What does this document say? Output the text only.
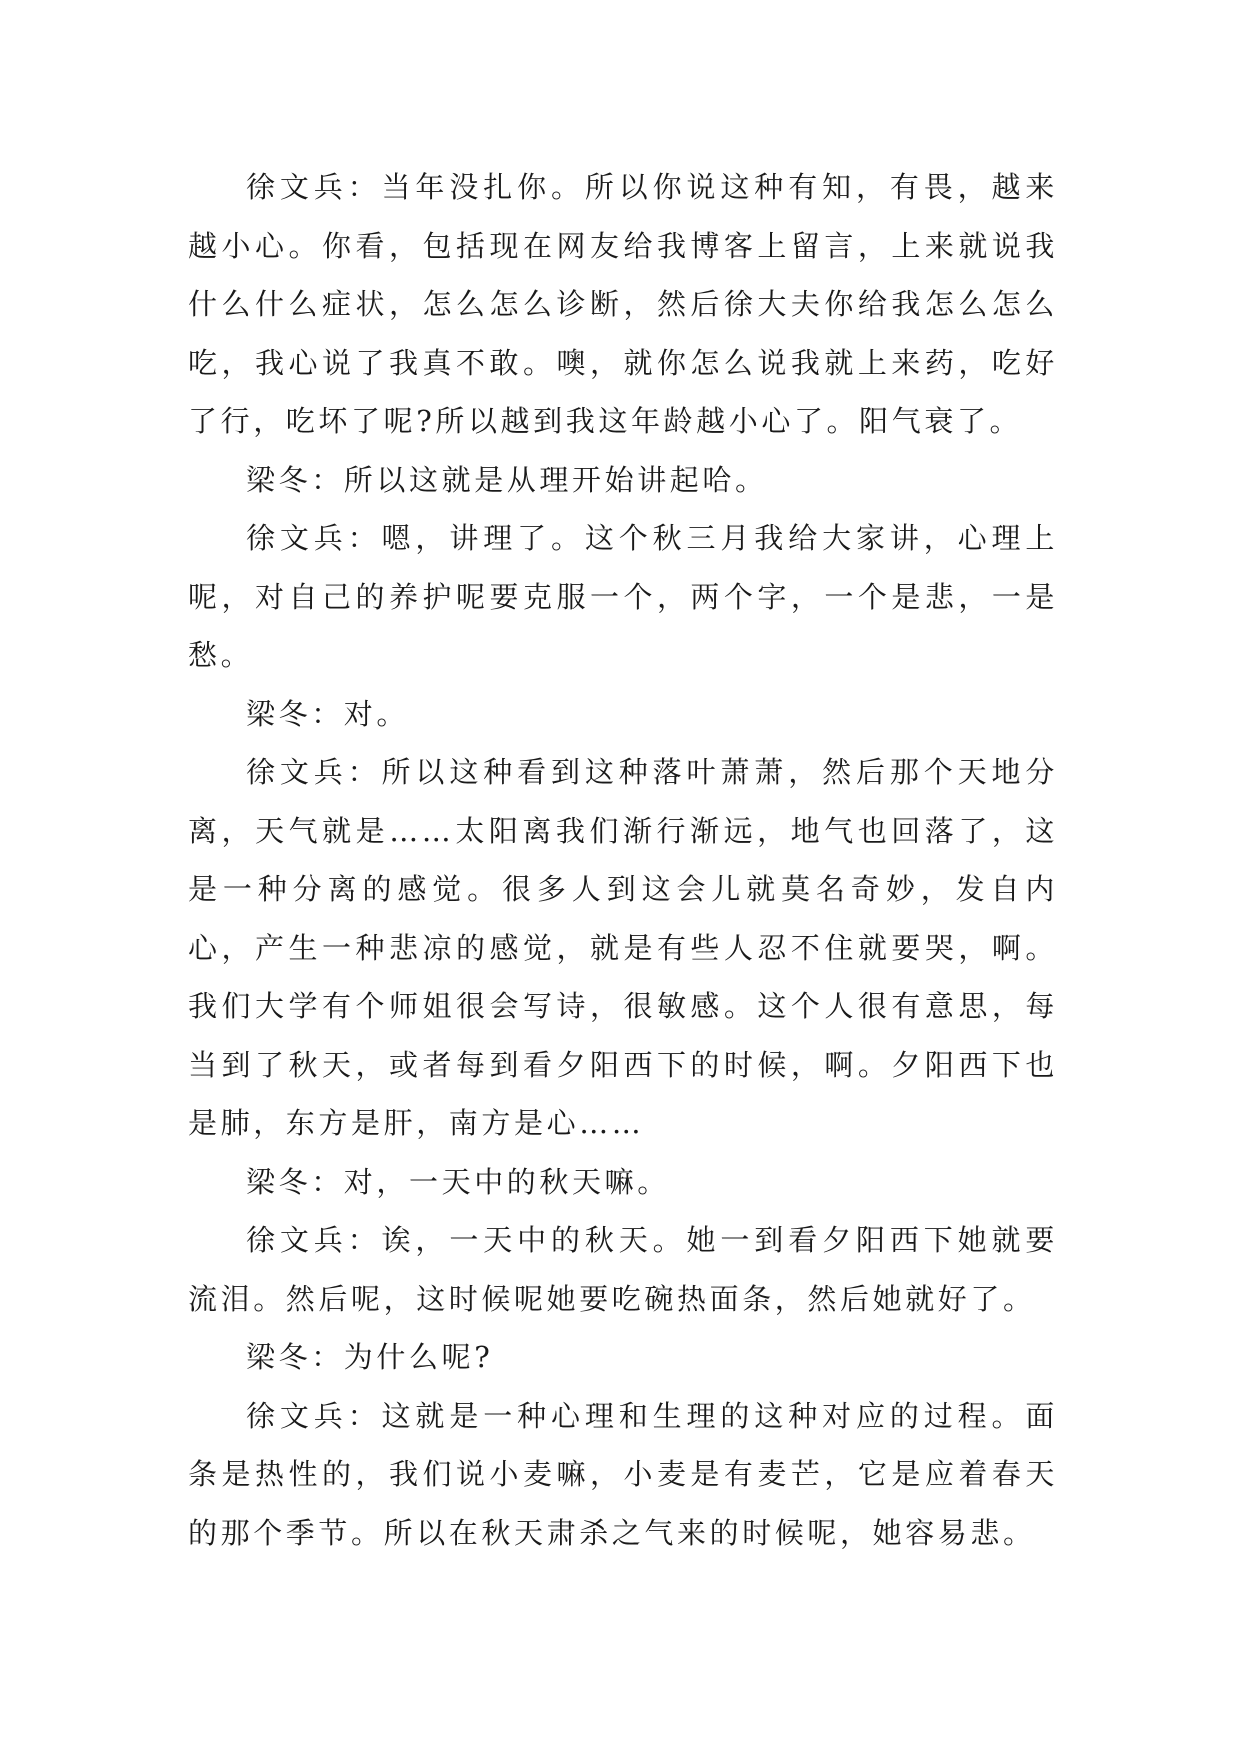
徐文兵：当年没扎你。所以你说这种有知，有畏，越来越小心。你看，包括现在网友给我博客上留言，上来就说我什么什么症状，怎么怎么诊断，然后徐大夫你给我怎么怎么吃，我心说了我真不敢。噢，就你怎么说我就上来药，吃好了行，吃坏了呢?所以越到我这年龄越小心了。阳气衰了。

梁冬：所以这就是从理开始讲起哈。

徐文兵：嗯，讲理了。这个秋三月我给大家讲，心理上呢，对自己的养护呢要克服一个，两个字，一个是悲，一是愁。

梁冬：对。

徐文兵：所以这种看到这种落叶萧萧，然后那个天地分离，天气就是……太阳离我们渐行渐远，地气也回落了，这是一种分离的感觉。很多人到这会儿就莫名奇妙，发自内心，产生一种悲凉的感觉，就是有些人忍不住就要哭，啊。我们大学有个师姐很会写诗，很敏感。这个人很有意思，每当到了秋天，或者每到看夕阳西下的时候，啊。夕阳西下也是肺，东方是肝，南方是心……

梁冬：对，一天中的秋天嘛。

徐文兵：诶，一天中的秋天。她一到看夕阳西下她就要流泪。然后呢，这时候呢她要吃碗热面条，然后她就好了。

梁冬：为什么呢?

徐文兵：这就是一种心理和生理的这种对应的过程。面条是热性的，我们说小麦嘛，小麦是有麦芒，它是应着春天的那个季节。所以在秋天肃杀之气来的时候呢，她容易悲。
